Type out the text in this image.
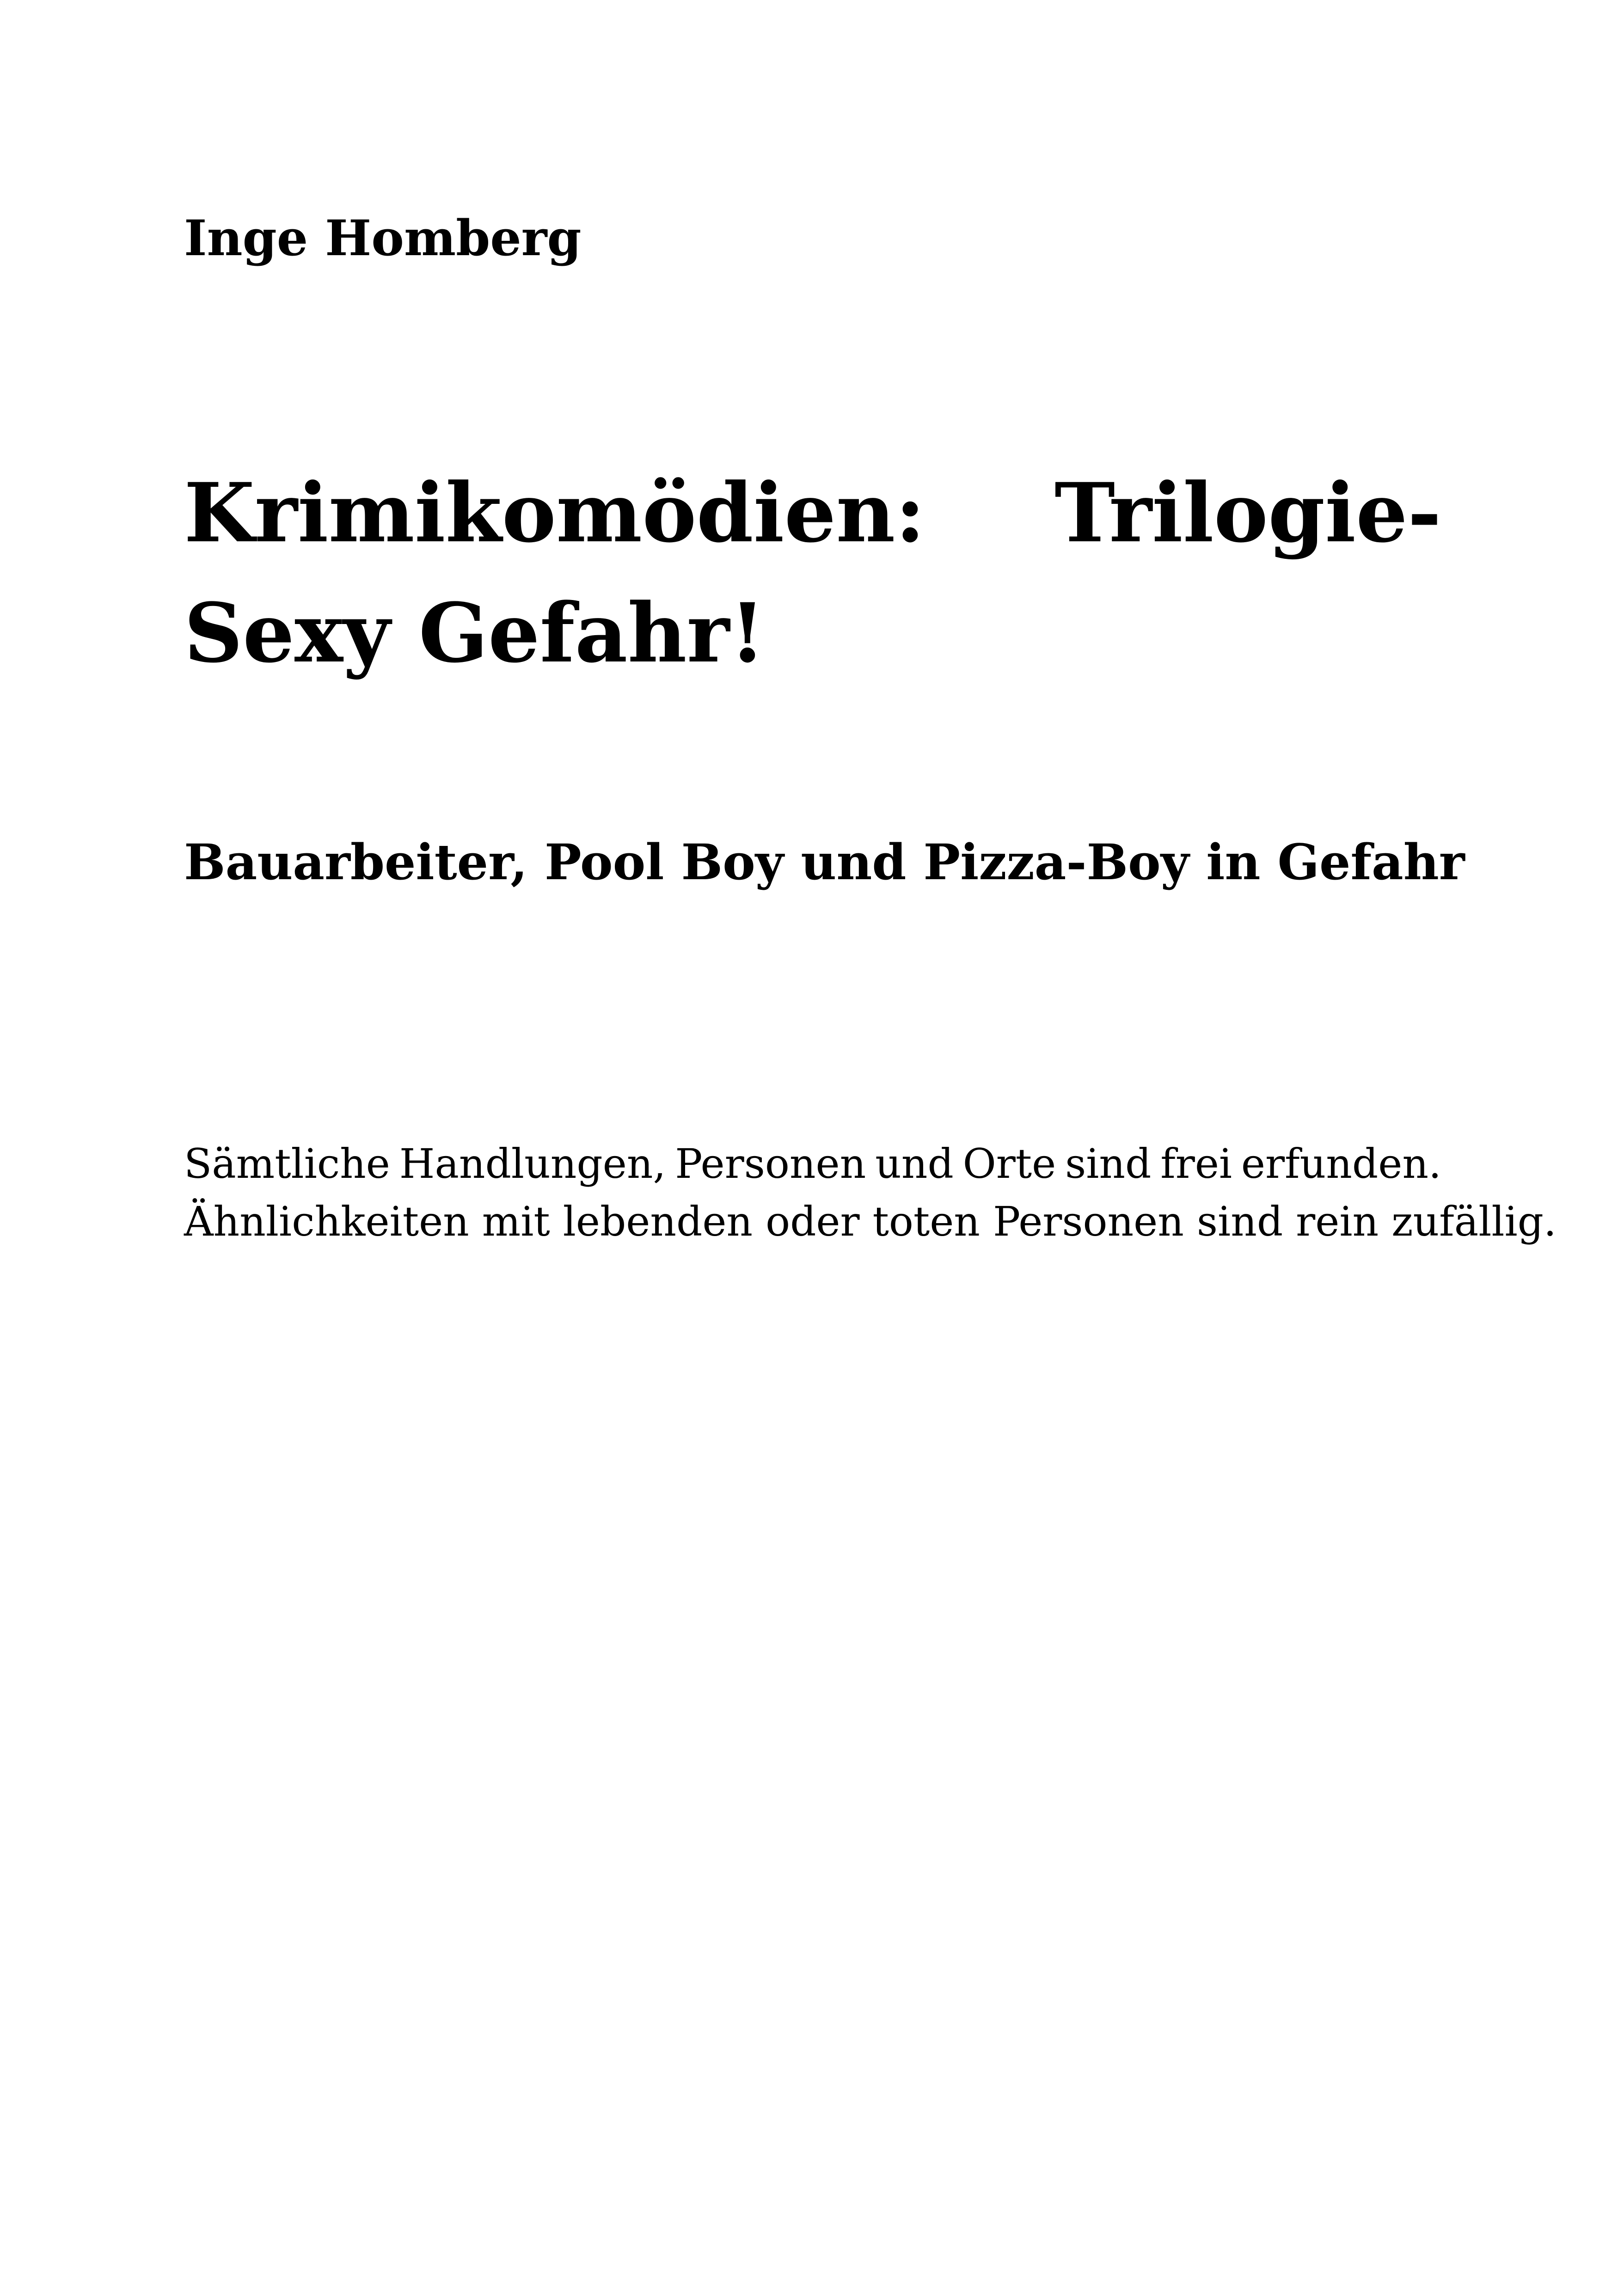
Inge Homberg

Krimikomödien: Trilogie-
Sexy Gefahr!

Bauarbeiter, Pool Boy und Pizza-Boy in Gefahr

Sämtliche Handlungen, Personen und Orte sind frei erfunden.
Ähnlichkeiten mit lebenden oder toten Personen sind rein zufällig.
